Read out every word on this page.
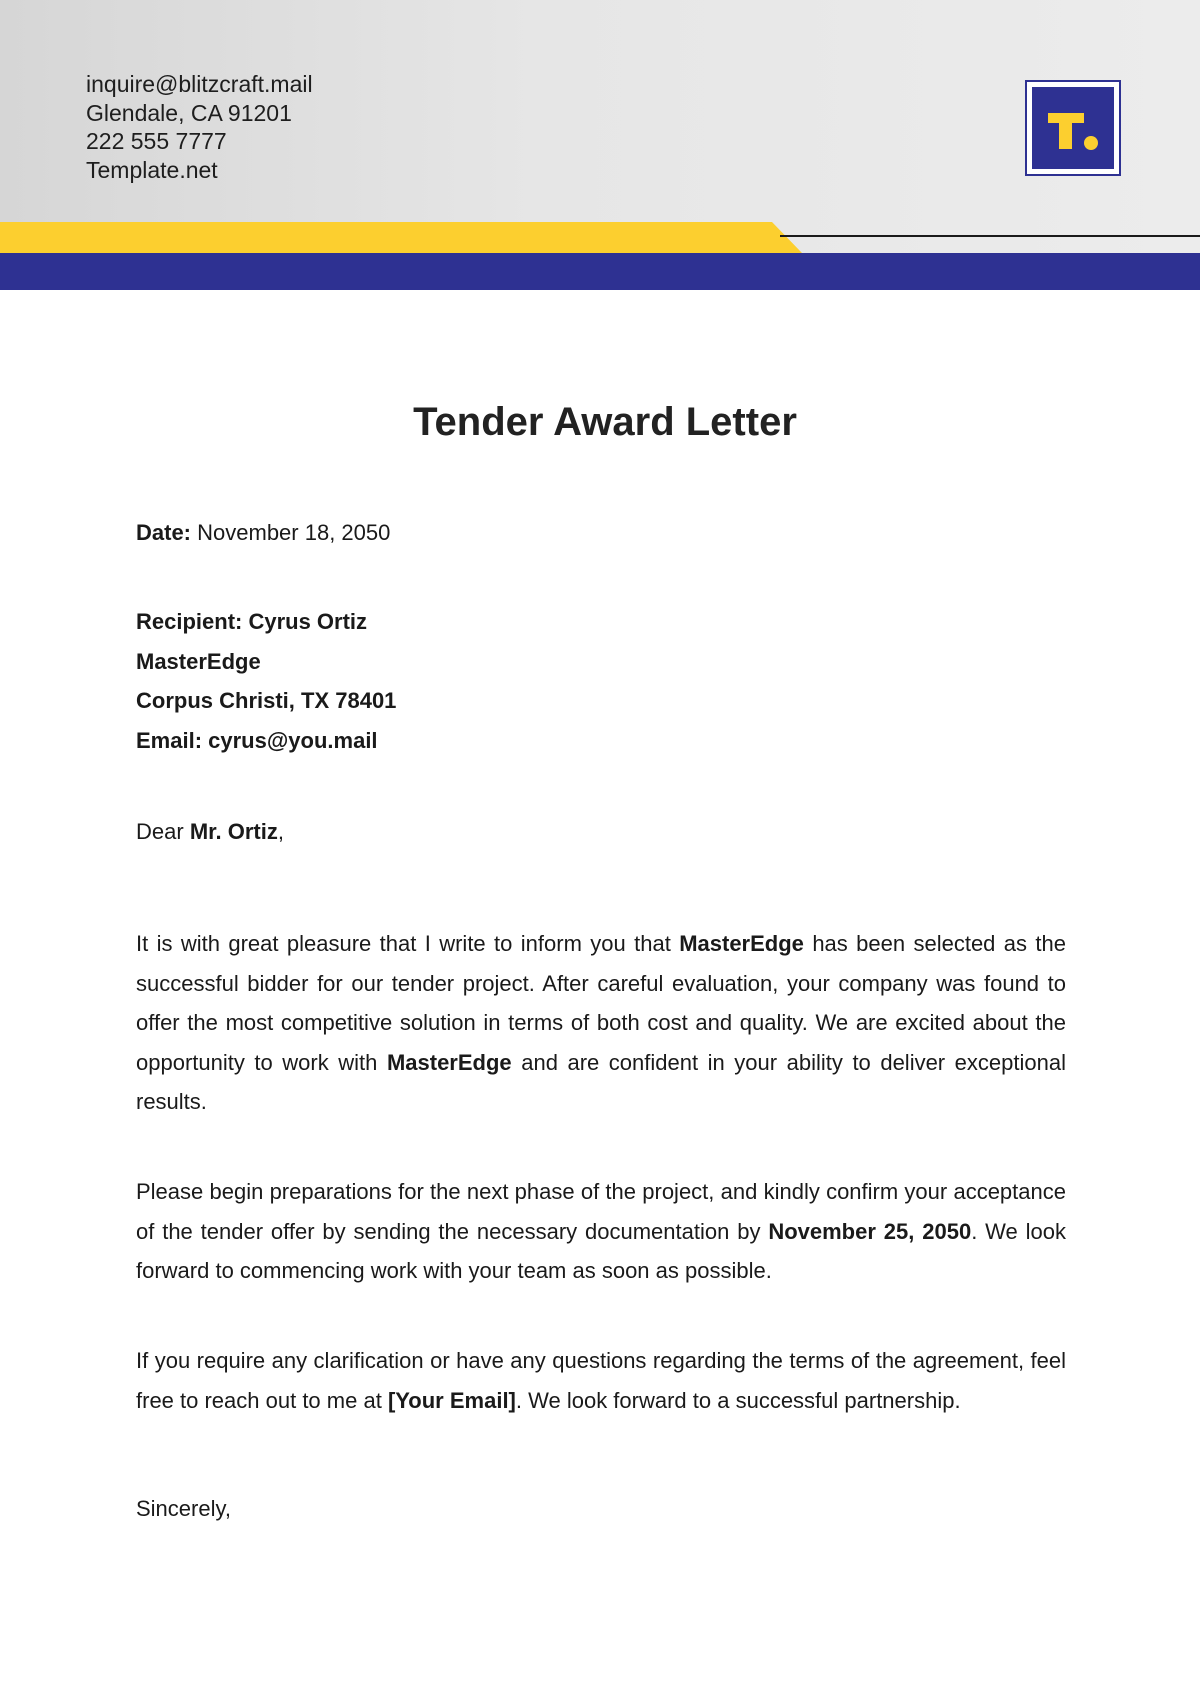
inquire@blitzcraft.mail
Glendale, CA 91201
222 555 7777
Template.net
Tender Award Letter
Date: November 18, 2050
Recipient: Cyrus Ortiz
MasterEdge
Corpus Christi, TX 78401
Email: cyrus@you.mail
Dear Mr. Ortiz,

It is with great pleasure that I write to inform you that MasterEdge has been selected as the successful bidder for our tender project. After careful evaluation, your company was found to offer the most competitive solution in terms of both cost and quality. We are excited about the opportunity to work with MasterEdge and are confident in your ability to deliver exceptional results.

Please begin preparations for the next phase of the project, and kindly confirm your acceptance of the tender offer by sending the necessary documentation by November 25, 2050. We look forward to commencing work with your team as soon as possible.

If you require any clarification or have any questions regarding the terms of the agreement, feel free to reach out to me at [Your Email]. We look forward to a successful partnership.

Sincerely,
